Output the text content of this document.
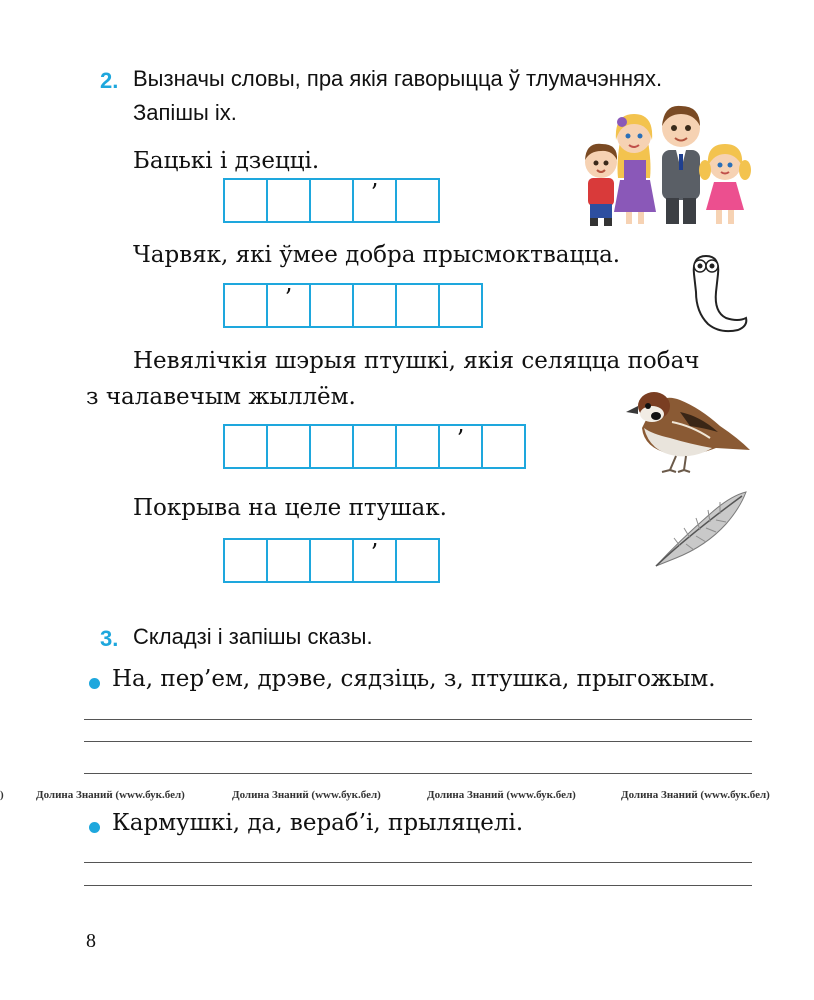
2. Вызначы словы, пра якія гаворыцца ў тлумачэннях.
Запішы іх.
Бацькі і дзецці.
’
Чарвяк, які ўмее добра прысмоктвацца.
’
Невялічкія шэрыя птушкі, якія селяцца побач
з чалавечым жыллём.
’
Покрыва на целе птушак.
’
3. Складзі і запішы сказы.
На, пер’ем, дрэве, сядзіць, з, птушка, прыгожым.
)	Долина Знаний (www.бук.бел)	Долина Знаний (www.бук.бел)	Долина Знаний (www.бук.бел)	Долина Знаний (www.бук.бел)
Кармушкі, да, вераб’і, прыляцелі.
8
